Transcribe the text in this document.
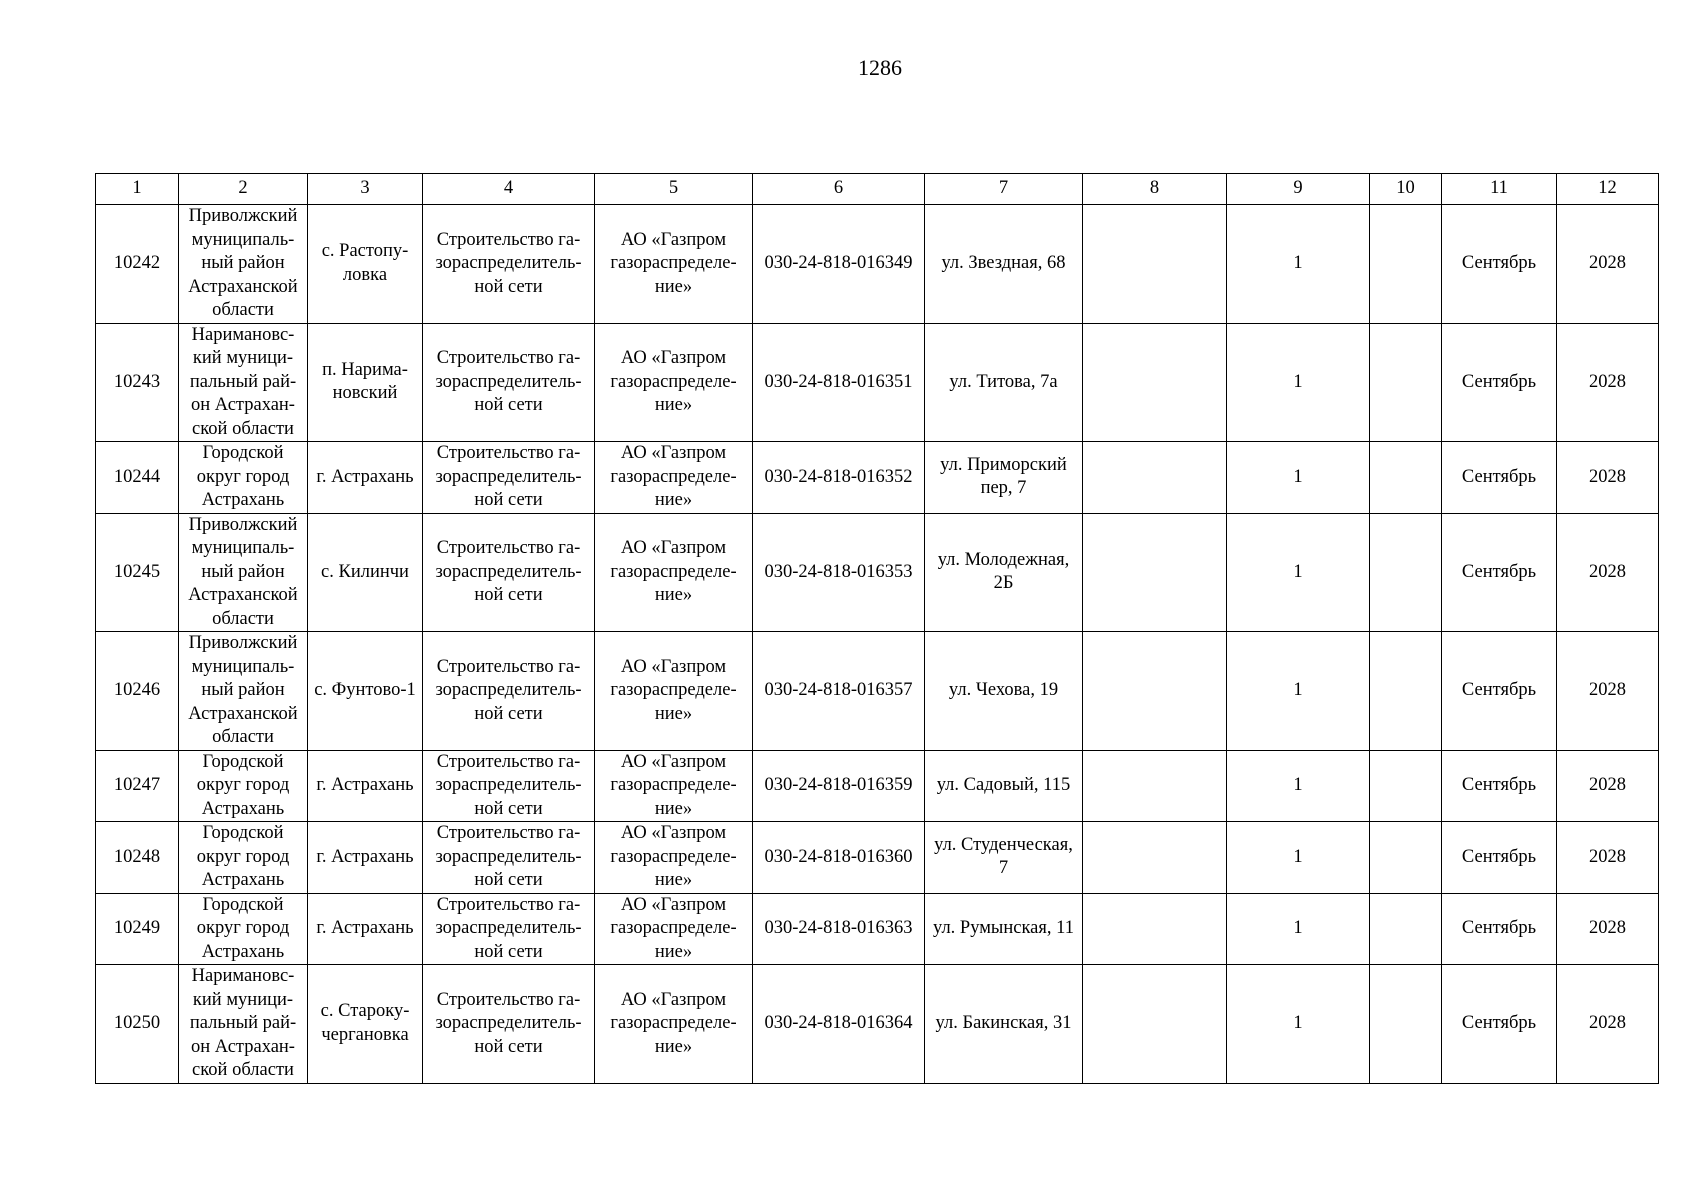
1286
1	2	3	4	5	6	7	8	9	10	11	12
10242	Приволжский
муниципаль-
ный район
Астраханской
области	с. Растопу-
ловка	Строительство га-
зораспределитель-
ной сети	АО «Газпром
газораспределе-
ние»	030-24-818-016349	ул. Звездная, 68		1		Сентябрь	2028
10243	Наримановс-
кий муници-
пальный рай-
он Астрахан-
ской области	п. Нарима-
новский	Строительство га-
зораспределитель-
ной сети	АО «Газпром
газораспределе-
ние»	030-24-818-016351	ул. Титова, 7а		1		Сентябрь	2028
10244	Городской
округ город
Астрахань	г. Астрахань	Строительство га-
зораспределитель-
ной сети	АО «Газпром
газораспределе-
ние»	030-24-818-016352	ул. Приморский
пер, 7		1		Сентябрь	2028
10245	Приволжский
муниципаль-
ный район
Астраханской
области	с. Килинчи	Строительство га-
зораспределитель-
ной сети	АО «Газпром
газораспределе-
ние»	030-24-818-016353	ул. Молодежная,
2Б		1		Сентябрь	2028
10246	Приволжский
муниципаль-
ный район
Астраханской
области	с. Фунтово-1	Строительство га-
зораспределитель-
ной сети	АО «Газпром
газораспределе-
ние»	030-24-818-016357	ул. Чехова, 19		1		Сентябрь	2028
10247	Городской
округ город
Астрахань	г. Астрахань	Строительство га-
зораспределитель-
ной сети	АО «Газпром
газораспределе-
ние»	030-24-818-016359	ул. Садовый, 115		1		Сентябрь	2028
10248	Городской
округ город
Астрахань	г. Астрахань	Строительство га-
зораспределитель-
ной сети	АО «Газпром
газораспределе-
ние»	030-24-818-016360	ул. Студенческая,
7		1		Сентябрь	2028
10249	Городской
округ город
Астрахань	г. Астрахань	Строительство га-
зораспределитель-
ной сети	АО «Газпром
газораспределе-
ние»	030-24-818-016363	ул. Румынская, 11		1		Сентябрь	2028
10250	Наримановс-
кий муници-
пальный рай-
он Астрахан-
ской области	с. Староку-
чергановка	Строительство га-
зораспределитель-
ной сети	АО «Газпром
газораспределе-
ние»	030-24-818-016364	ул. Бакинская, 31		1		Сентябрь	2028
